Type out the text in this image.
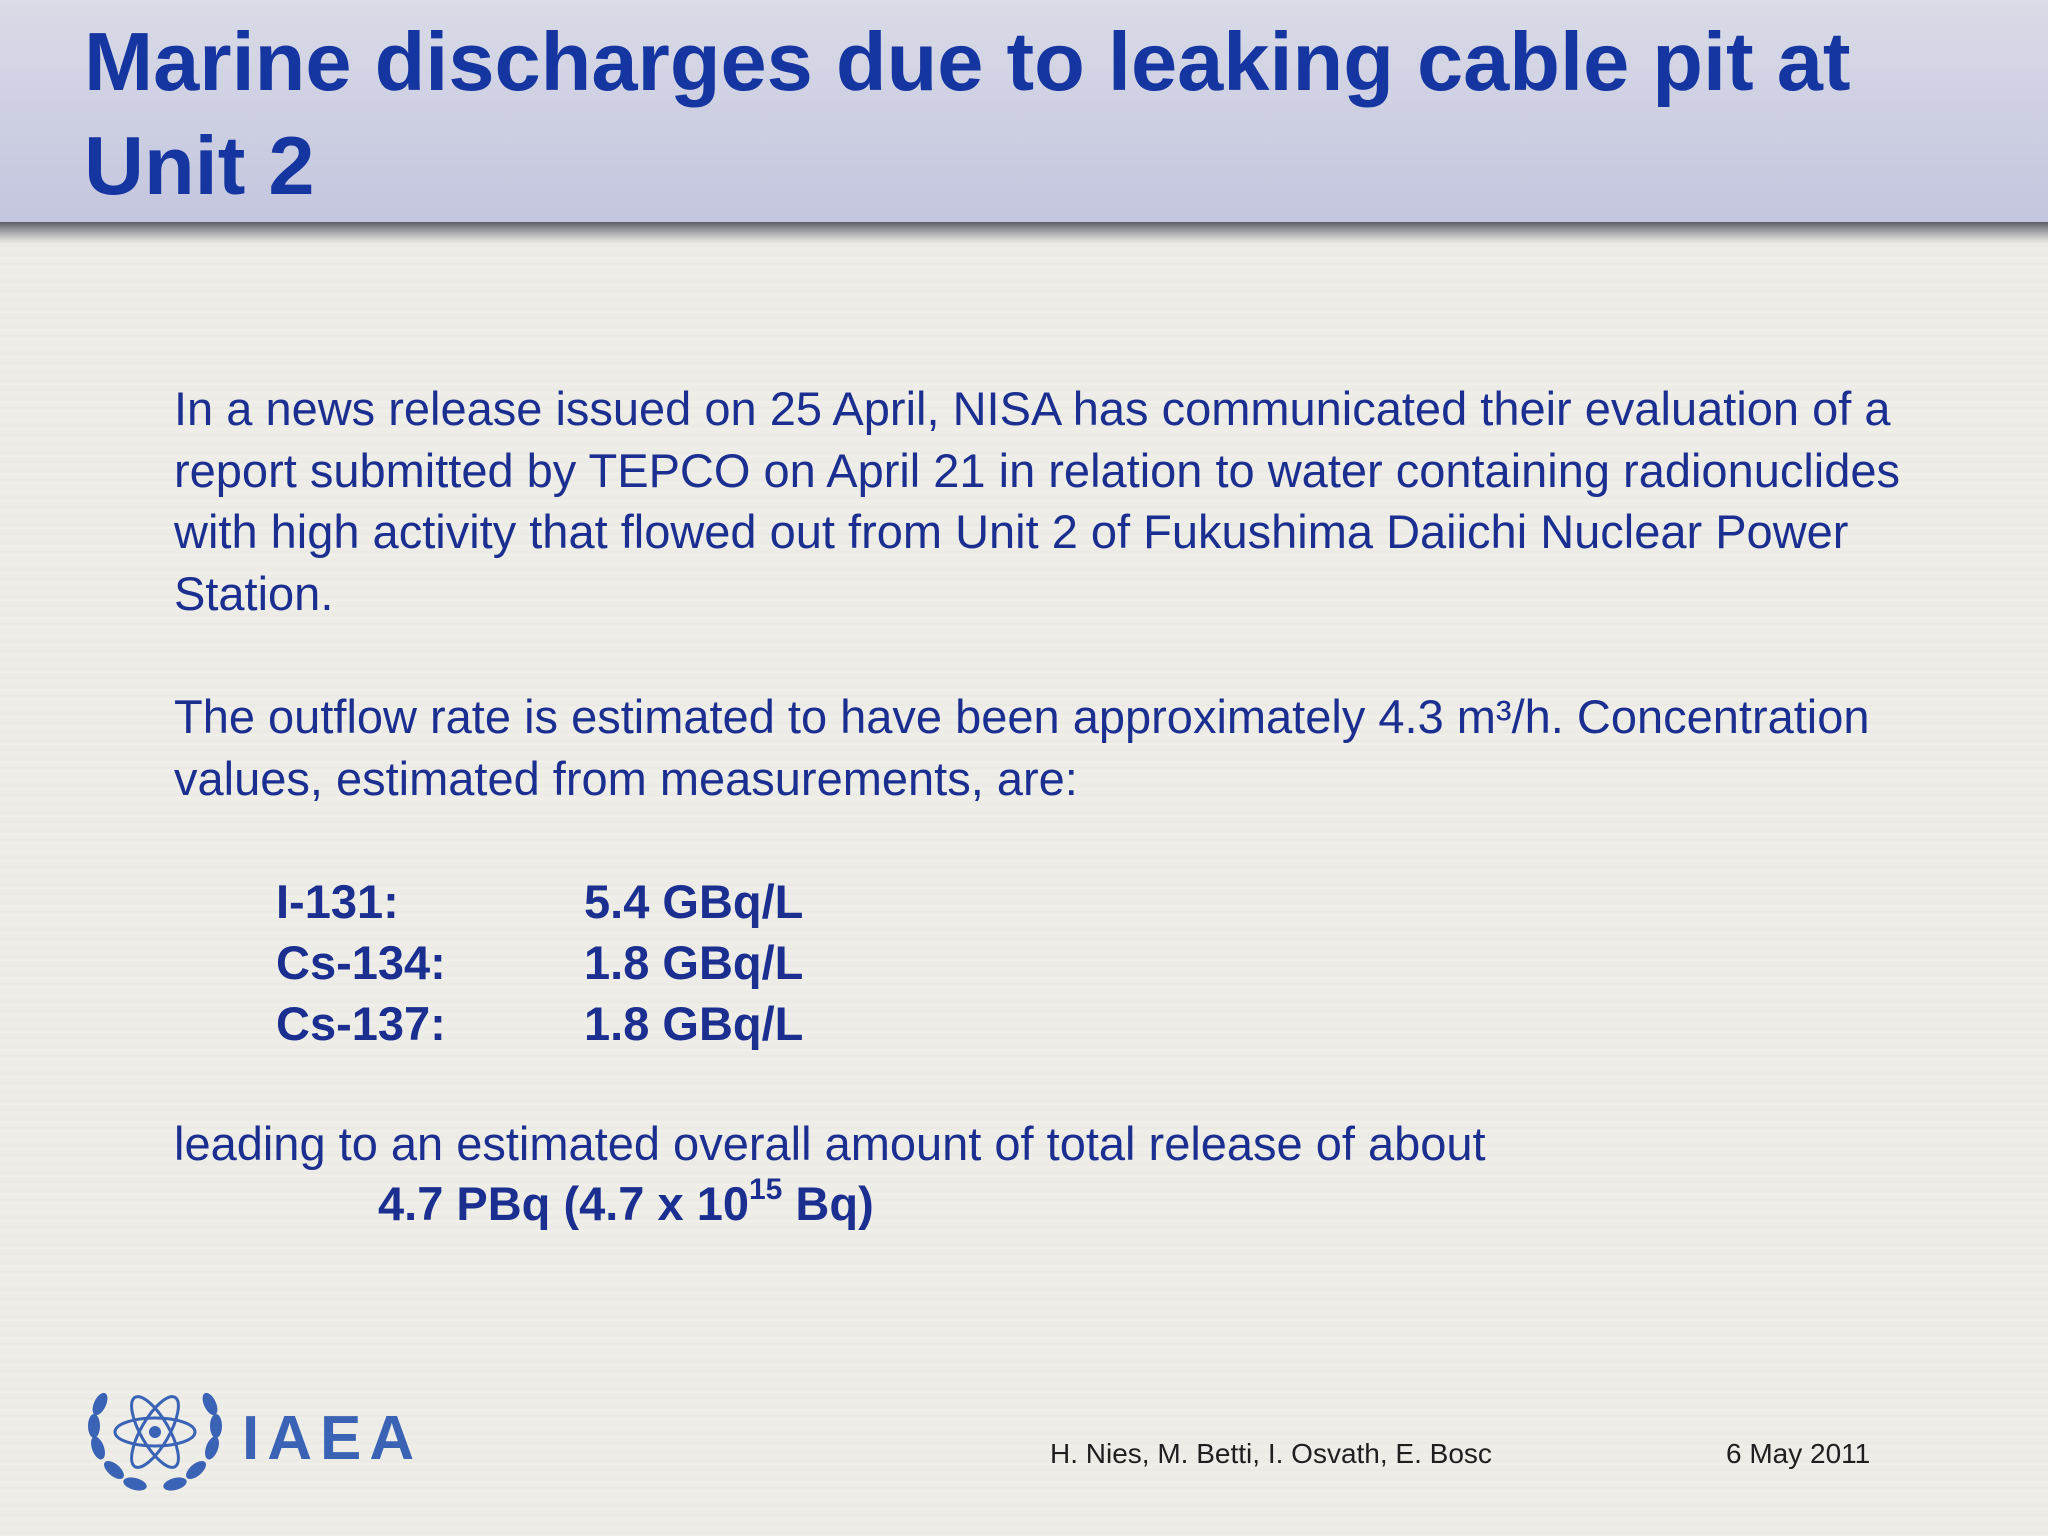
Marine discharges due to leaking cable pit at Unit 2
In a news release issued on 25 April, NISA has communicated their evaluation of a report submitted by TEPCO on April 21 in relation to water containing radionuclides with high activity that flowed out from Unit 2 of Fukushima Daiichi Nuclear Power Station.
The outflow rate is estimated to have been approximately 4.3 m³/h. Concentration values, estimated from measurements, are:
I-131:	5.4 GBq/L
Cs-134:	1.8 GBq/L
Cs-137:	1.8 GBq/L
leading to an estimated overall amount of total release of about
4.7 PBq (4.7 x $10^{15}$ Bq)
IAEA	H. Nies, M. Betti, I. Osvath, E. Bosc	6 May 2011
